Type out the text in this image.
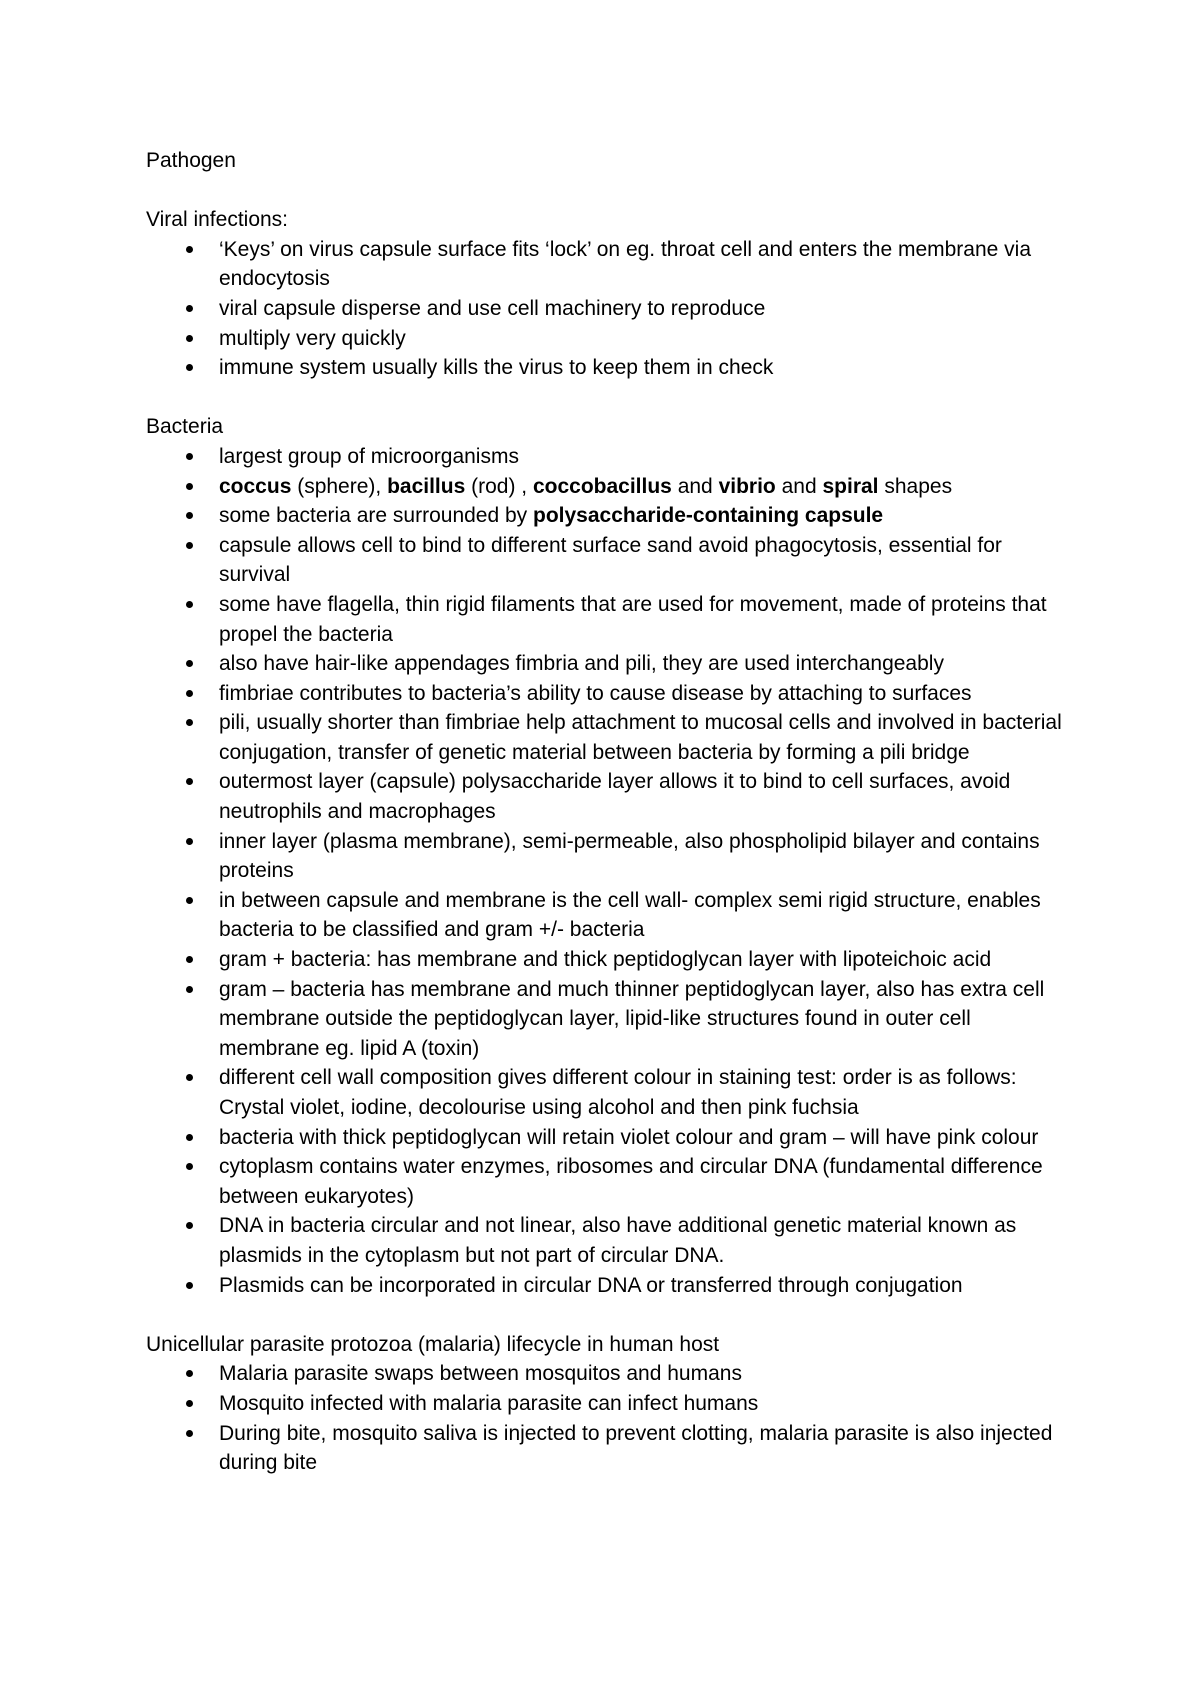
Pathogen

Viral infections:

‘Keys’ on virus capsule surface fits ‘lock’ on eg. throat cell and enters the membrane via endocytosis
viral capsule disperse and use cell machinery to reproduce
multiply very quickly
immune system usually kills the virus to keep them in check

Bacteria

largest group of microorganisms
coccus (sphere), bacillus (rod) , coccobacillus and vibrio and spiral shapes
some bacteria are surrounded by polysaccharide-containing capsule
capsule allows cell to bind to different surface sand avoid phagocytosis, essential for survival
some have flagella, thin rigid filaments that are used for movement, made of proteins that propel the bacteria
also have hair-like appendages fimbria and pili, they are used interchangeably
fimbriae contributes to bacteria’s ability to cause disease by attaching to surfaces
pili, usually shorter than fimbriae help attachment to mucosal cells and involved in bacterial conjugation, transfer of genetic material between bacteria by forming a pili bridge
outermost layer (capsule) polysaccharide layer allows it to bind to cell surfaces, avoid neutrophils and macrophages
inner layer (plasma membrane), semi-permeable, also phospholipid bilayer and contains proteins
in between capsule and membrane is the cell wall- complex semi rigid structure, enables bacteria to be classified and gram +/- bacteria
gram + bacteria: has membrane and thick peptidoglycan layer with lipoteichoic acid
gram – bacteria has membrane and much thinner peptidoglycan layer, also has extra cell membrane outside the peptidoglycan layer, lipid-like structures found in outer cell membrane eg. lipid A (toxin)
different cell wall composition gives different colour in staining test: order is as follows: Crystal violet, iodine, decolourise using alcohol and then pink fuchsia
bacteria with thick peptidoglycan will retain violet colour and gram – will have pink colour
cytoplasm contains water enzymes, ribosomes and circular DNA (fundamental difference between eukaryotes)
DNA in bacteria circular and not linear, also have additional genetic material known as plasmids in the cytoplasm but not part of circular DNA.
Plasmids can be incorporated in circular DNA or transferred through conjugation

Unicellular parasite protozoa (malaria) lifecycle in human host

Malaria parasite swaps between mosquitos and humans
Mosquito infected with malaria parasite can infect humans
During bite, mosquito saliva is injected to prevent clotting, malaria parasite is also injected during bite
